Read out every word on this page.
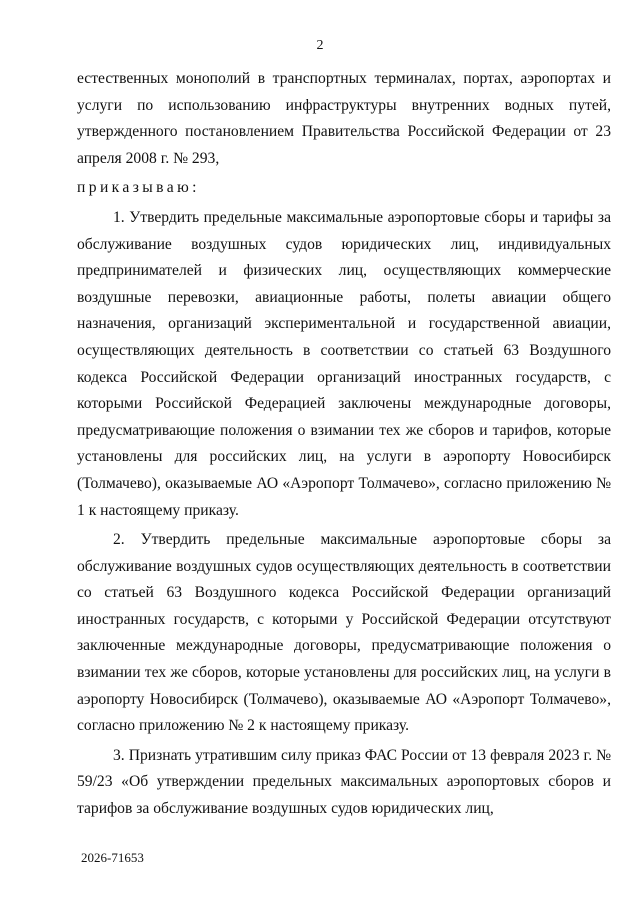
2

естественных монополий в транспортных терминалах, портах, аэропортах и услуги по использованию инфраструктуры внутренних водных путей, утвержденного постановлением Правительства Российской Федерации от 23 апреля 2008 г. № 293,

приказываю:

1. Утвердить предельные максимальные аэропортовые сборы и тарифы за обслуживание воздушных судов юридических лиц, индивидуальных предпринимателей и физических лиц, осуществляющих коммерческие воздушные перевозки, авиационные работы, полеты авиации общего назначения, организаций экспериментальной и государственной авиации, осуществляющих деятельность в соответствии со статьей 63 Воздушного кодекса Российской Федерации организаций иностранных государств, с которыми Российской Федерацией заключены международные договоры, предусматривающие положения о взимании тех же сборов и тарифов, которые установлены для российских лиц, на услуги в аэропорту Новосибирск (Толмачево), оказываемые АО «Аэропорт Толмачево», согласно приложению № 1 к настоящему приказу.

2. Утвердить предельные максимальные аэропортовые сборы за обслуживание воздушных судов осуществляющих деятельность в соответствии со статьей 63 Воздушного кодекса Российской Федерации организаций иностранных государств, с которыми у Российской Федерации отсутствуют заключенные международные договоры, предусматривающие положения о взимании тех же сборов, которые установлены для российских лиц, на услуги в аэропорту Новосибирск (Толмачево), оказываемые АО «Аэропорт Толмачево», согласно приложению № 2 к настоящему приказу.

3. Признать утратившим силу приказ ФАС России от 13 февраля 2023 г. № 59/23 «Об утверждении предельных максимальных аэропортовых сборов и тарифов за обслуживание воздушных судов юридических лиц,

2026-71653
